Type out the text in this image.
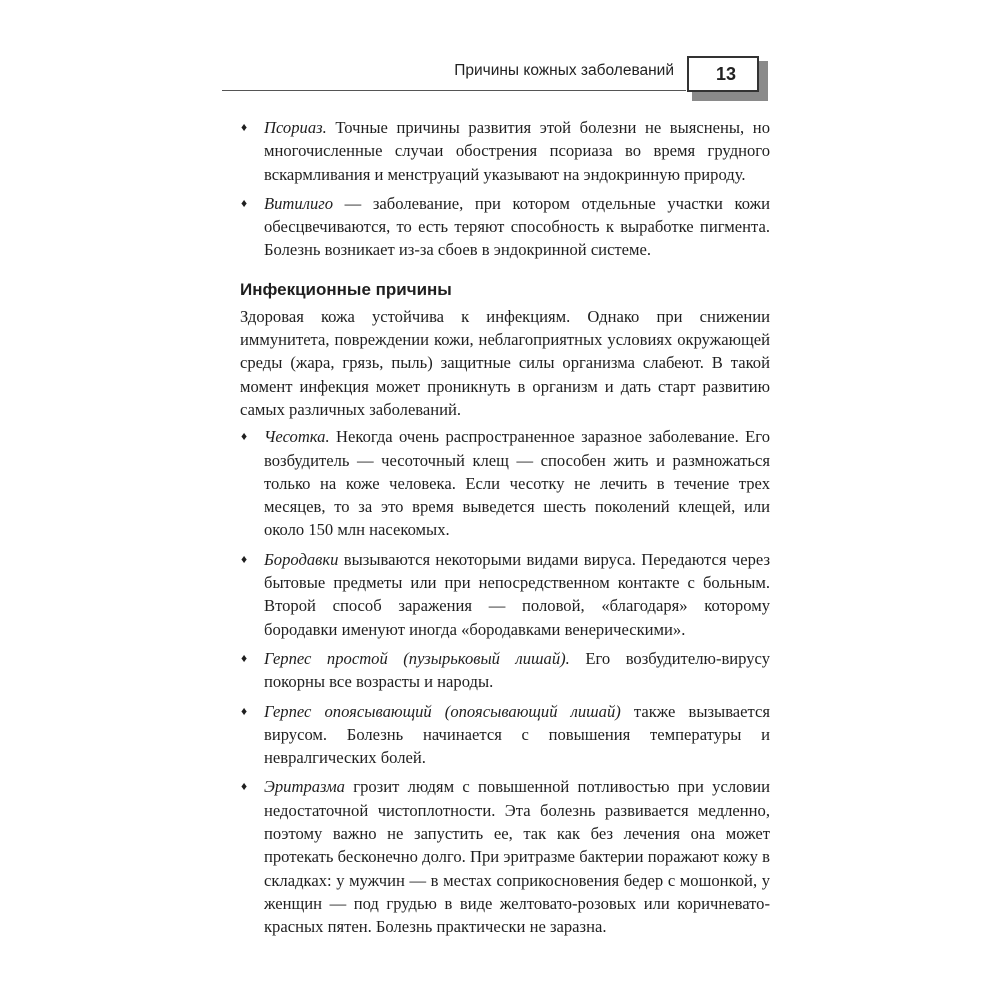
Причины кожных заболеваний 13
♦ Псориаз. Точные причины развития этой болезни не выяснены, но многочисленные случаи обострения псориаза во время грудного вскармливания и менструаций указывают на эндокринную природу.
♦ Витилиго — заболевание, при котором отдельные участки кожи обесцвечиваются, то есть теряют способность к выработке пигмента. Болезнь возникает из-за сбоев в эндокринной системе.
Инфекционные причины
Здоровая кожа устойчива к инфекциям. Однако при снижении иммунитета, повреждении кожи, неблагоприятных условиях окружающей среды (жара, грязь, пыль) защитные силы организма слабеют. В такой момент инфекция может проникнуть в организм и дать старт развитию самых различных заболеваний.
♦ Чесотка. Некогда очень распространенное заразное заболевание. Его возбудитель — чесоточный клещ — способен жить и размножаться только на коже человека. Если чесотку не лечить в течение трех месяцев, то за это время выведется шесть поколений клещей, или около 150 млн насекомых.
♦ Бородавки вызываются некоторыми видами вируса. Передаются через бытовые предметы или при непосредственном контакте с больным. Второй способ заражения — половой, «благодаря» которому бородавки именуют иногда «бородавками венерическими».
♦ Герпес простой (пузырьковый лишай). Его возбудителю-вирусу покорны все возрасты и народы.
♦ Герпес опоясывающий (опоясывающий лишай) также вызывается вирусом. Болезнь начинается с повышения температуры и невралгических болей.
♦ Эритразма грозит людям с повышенной потливостью при условии недостаточной чистоплотности. Эта болезнь развивается медленно, поэтому важно не запустить ее, так как без лечения она может протекать бесконечно долго. При эритразме бактерии поражают кожу в складках: у мужчин — в местах соприкосновения бедер с мошонкой, у женщин — под грудью в виде желтовато-розовых или коричневато-красных пятен. Болезнь практически не заразна.
